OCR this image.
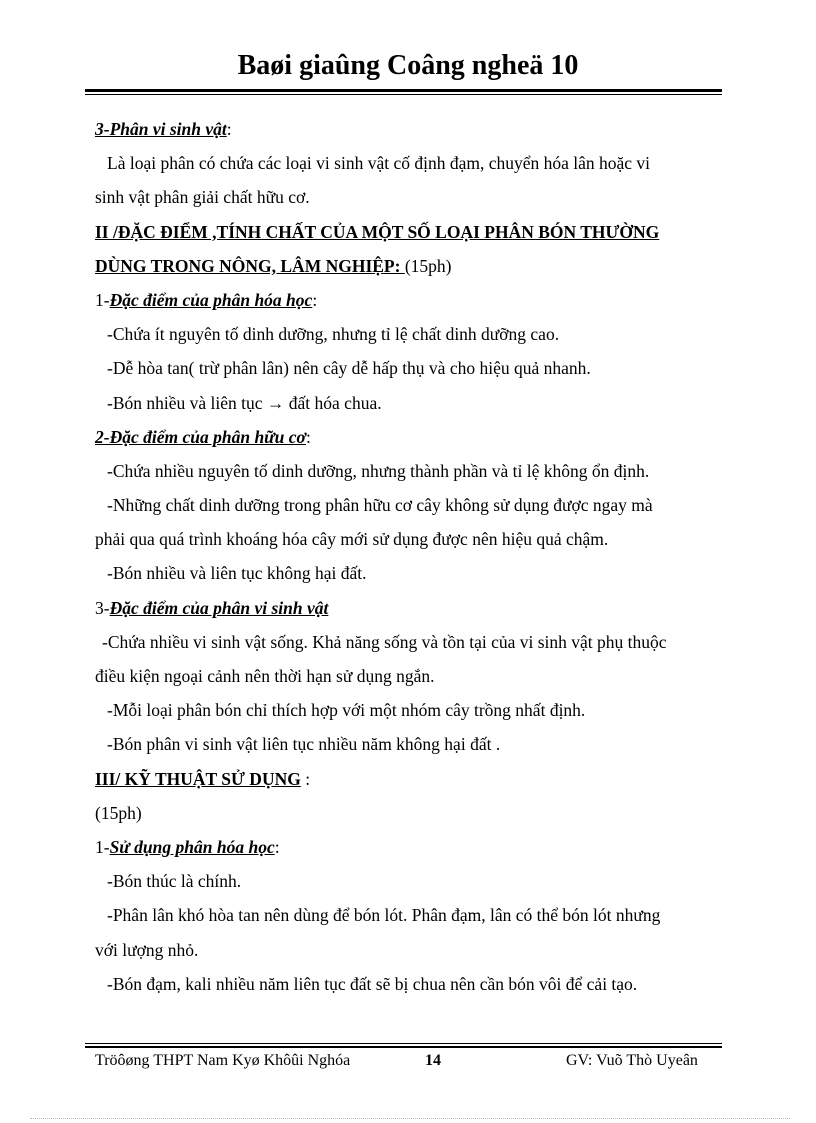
Baøi giaûng Coâng ngheä 10
3-Phân vi sinh vật:
Là loại phân có chứa các loại vi sinh vật cố định đạm, chuyển hóa lân hoặc vi
sinh vật phân giải chất hữu cơ.
II /ĐẶC ĐIỂM ,TÍNH CHẤT CỦA MỘT SỐ LOẠI PHÂN BÓN THƯỜNG
DÙNG TRONG NÔNG, LÂM NGHIỆP: (15ph)
1-Đặc điểm của phân hóa học:
-Chứa ít nguyên tố dinh dưỡng, nhưng tỉ lệ chất dinh dưỡng cao.
-Dễ hòa tan( trừ phân lân) nên cây dễ hấp thụ và cho hiệu quả nhanh.
-Bón nhiều và liên tục → đất hóa chua.
2-Đặc điểm của phân hữu cơ:
-Chứa nhiều nguyên tố dinh dưỡng, nhưng thành phần và tỉ lệ không ổn định.
-Những chất dinh dưỡng trong phân hữu cơ cây không sử dụng được ngay mà
phải qua quá trình khoáng hóa cây mới sử dụng được nên hiệu quả chậm.
-Bón nhiều và liên tục không hại đất.
3-Đặc điểm của phân vi sinh vật
-Chứa nhiều vi sinh vật sống. Khả năng sống và tồn tại của vi sinh vật phụ thuộc
điều kiện ngoại cảnh nên thời hạn sử dụng ngắn.
-Mỗi loại phân bón chỉ thích hợp với một nhóm cây trồng nhất định.
-Bón phân vi sinh vật liên tục nhiều năm không hại đất .
III/ KỸ THUẬT SỬ DỤNG :
(15ph)
1-Sử dụng phân hóa học:
-Bón thúc là chính.
-Phân lân khó hòa tan nên dùng để bón lót. Phân đạm, lân có thể bón lót nhưng
với lượng nhỏ.
-Bón đạm, kali nhiều năm liên tục đất sẽ bị chua nên cần bón vôi để cải tạo.
Tröôøng THPT Nam Kyø Khôûi Nghóa	14	GV: Vuõ Thò Uyeân
